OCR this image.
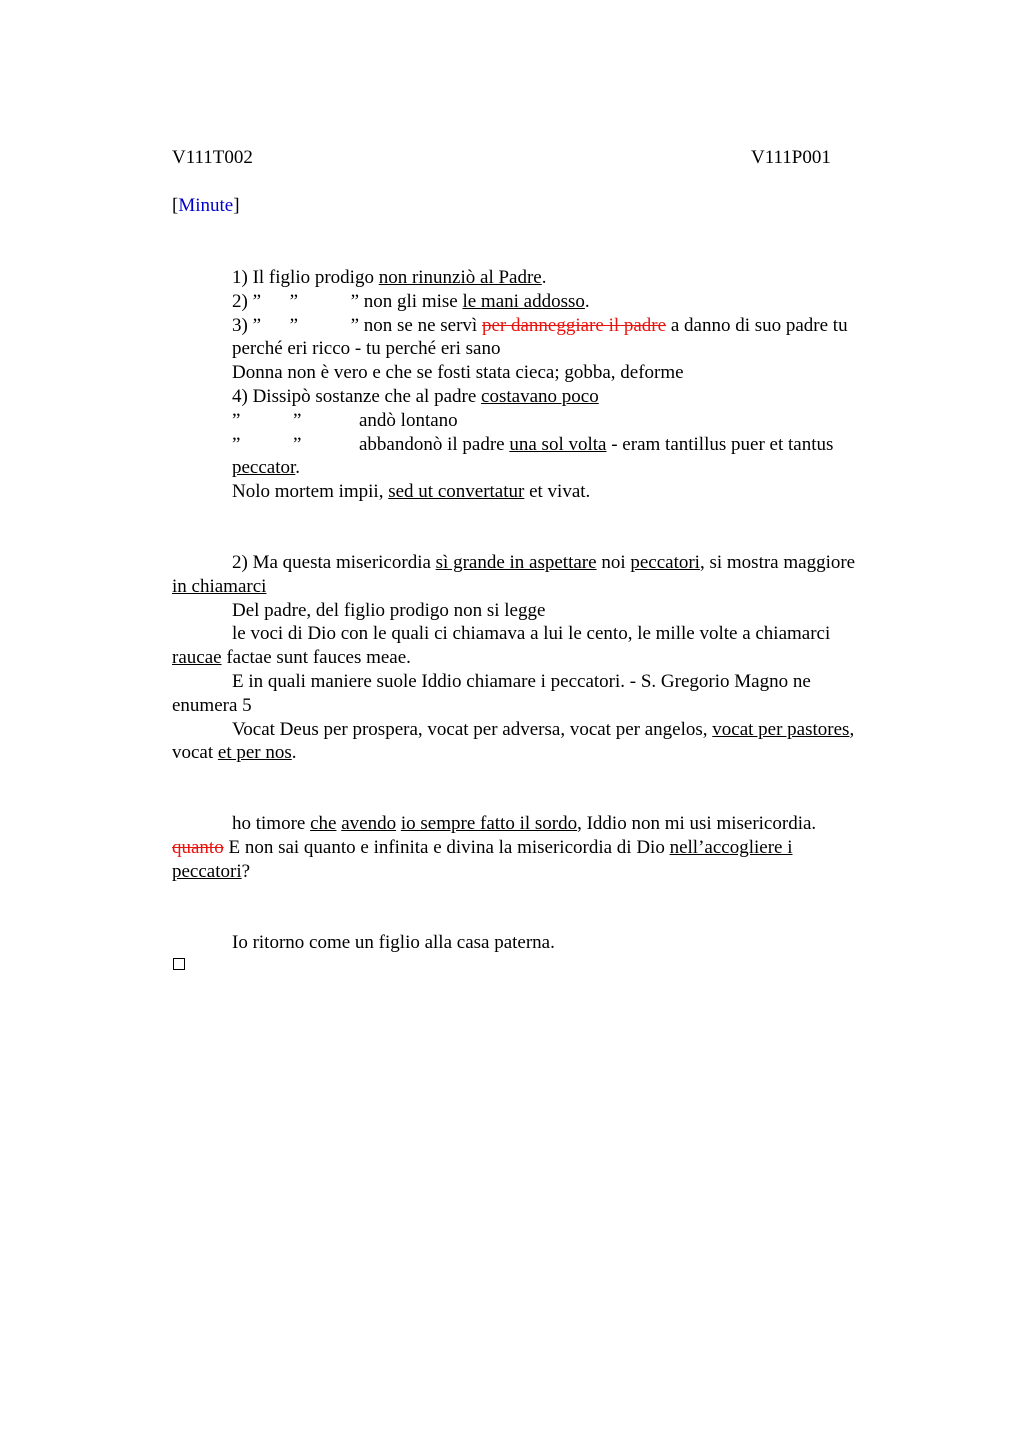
V111T002	V111P001
[Minute]
1) Il figlio prodigo non rinunziò al Padre.
2) ” ”	” non gli mise le mani addosso.
3) ” ”	” non se ne servì per danneggiare il padre a danno di suo padre tu
perché eri ricco - tu perché eri sano
Donna non è vero e che se fosti stata cieca; gobba, deforme
4) Dissipò sostanze che al padre costavano poco
”	”	andò lontano
”	”	abbandonò il padre una sol volta - eram tantillus puer et tantus
peccator.
Nolo mortem impii, sed ut convertatur et vivat.
2) Ma questa misericordia sì grande in aspettare noi peccatori, si mostra maggiore
in chiamarci
Del padre, del figlio prodigo non si legge
le voci di Dio con le quali ci chiamava a lui le cento, le mille volte a chiamarci
raucae factae sunt fauces meae.
E in quali maniere suole Iddio chiamare i peccatori. - S. Gregorio Magno ne
enumera 5
Vocat Deus per prospera, vocat per adversa, vocat per angelos, vocat per pastores,
vocat et per nos.
ho timore che avendo io sempre fatto il sordo, Iddio non mi usi misericordia.
quanto E non sai quanto e infinita e divina la misericordia di Dio nell’accogliere i
peccatori?
Io ritorno come un figlio alla casa paterna.
